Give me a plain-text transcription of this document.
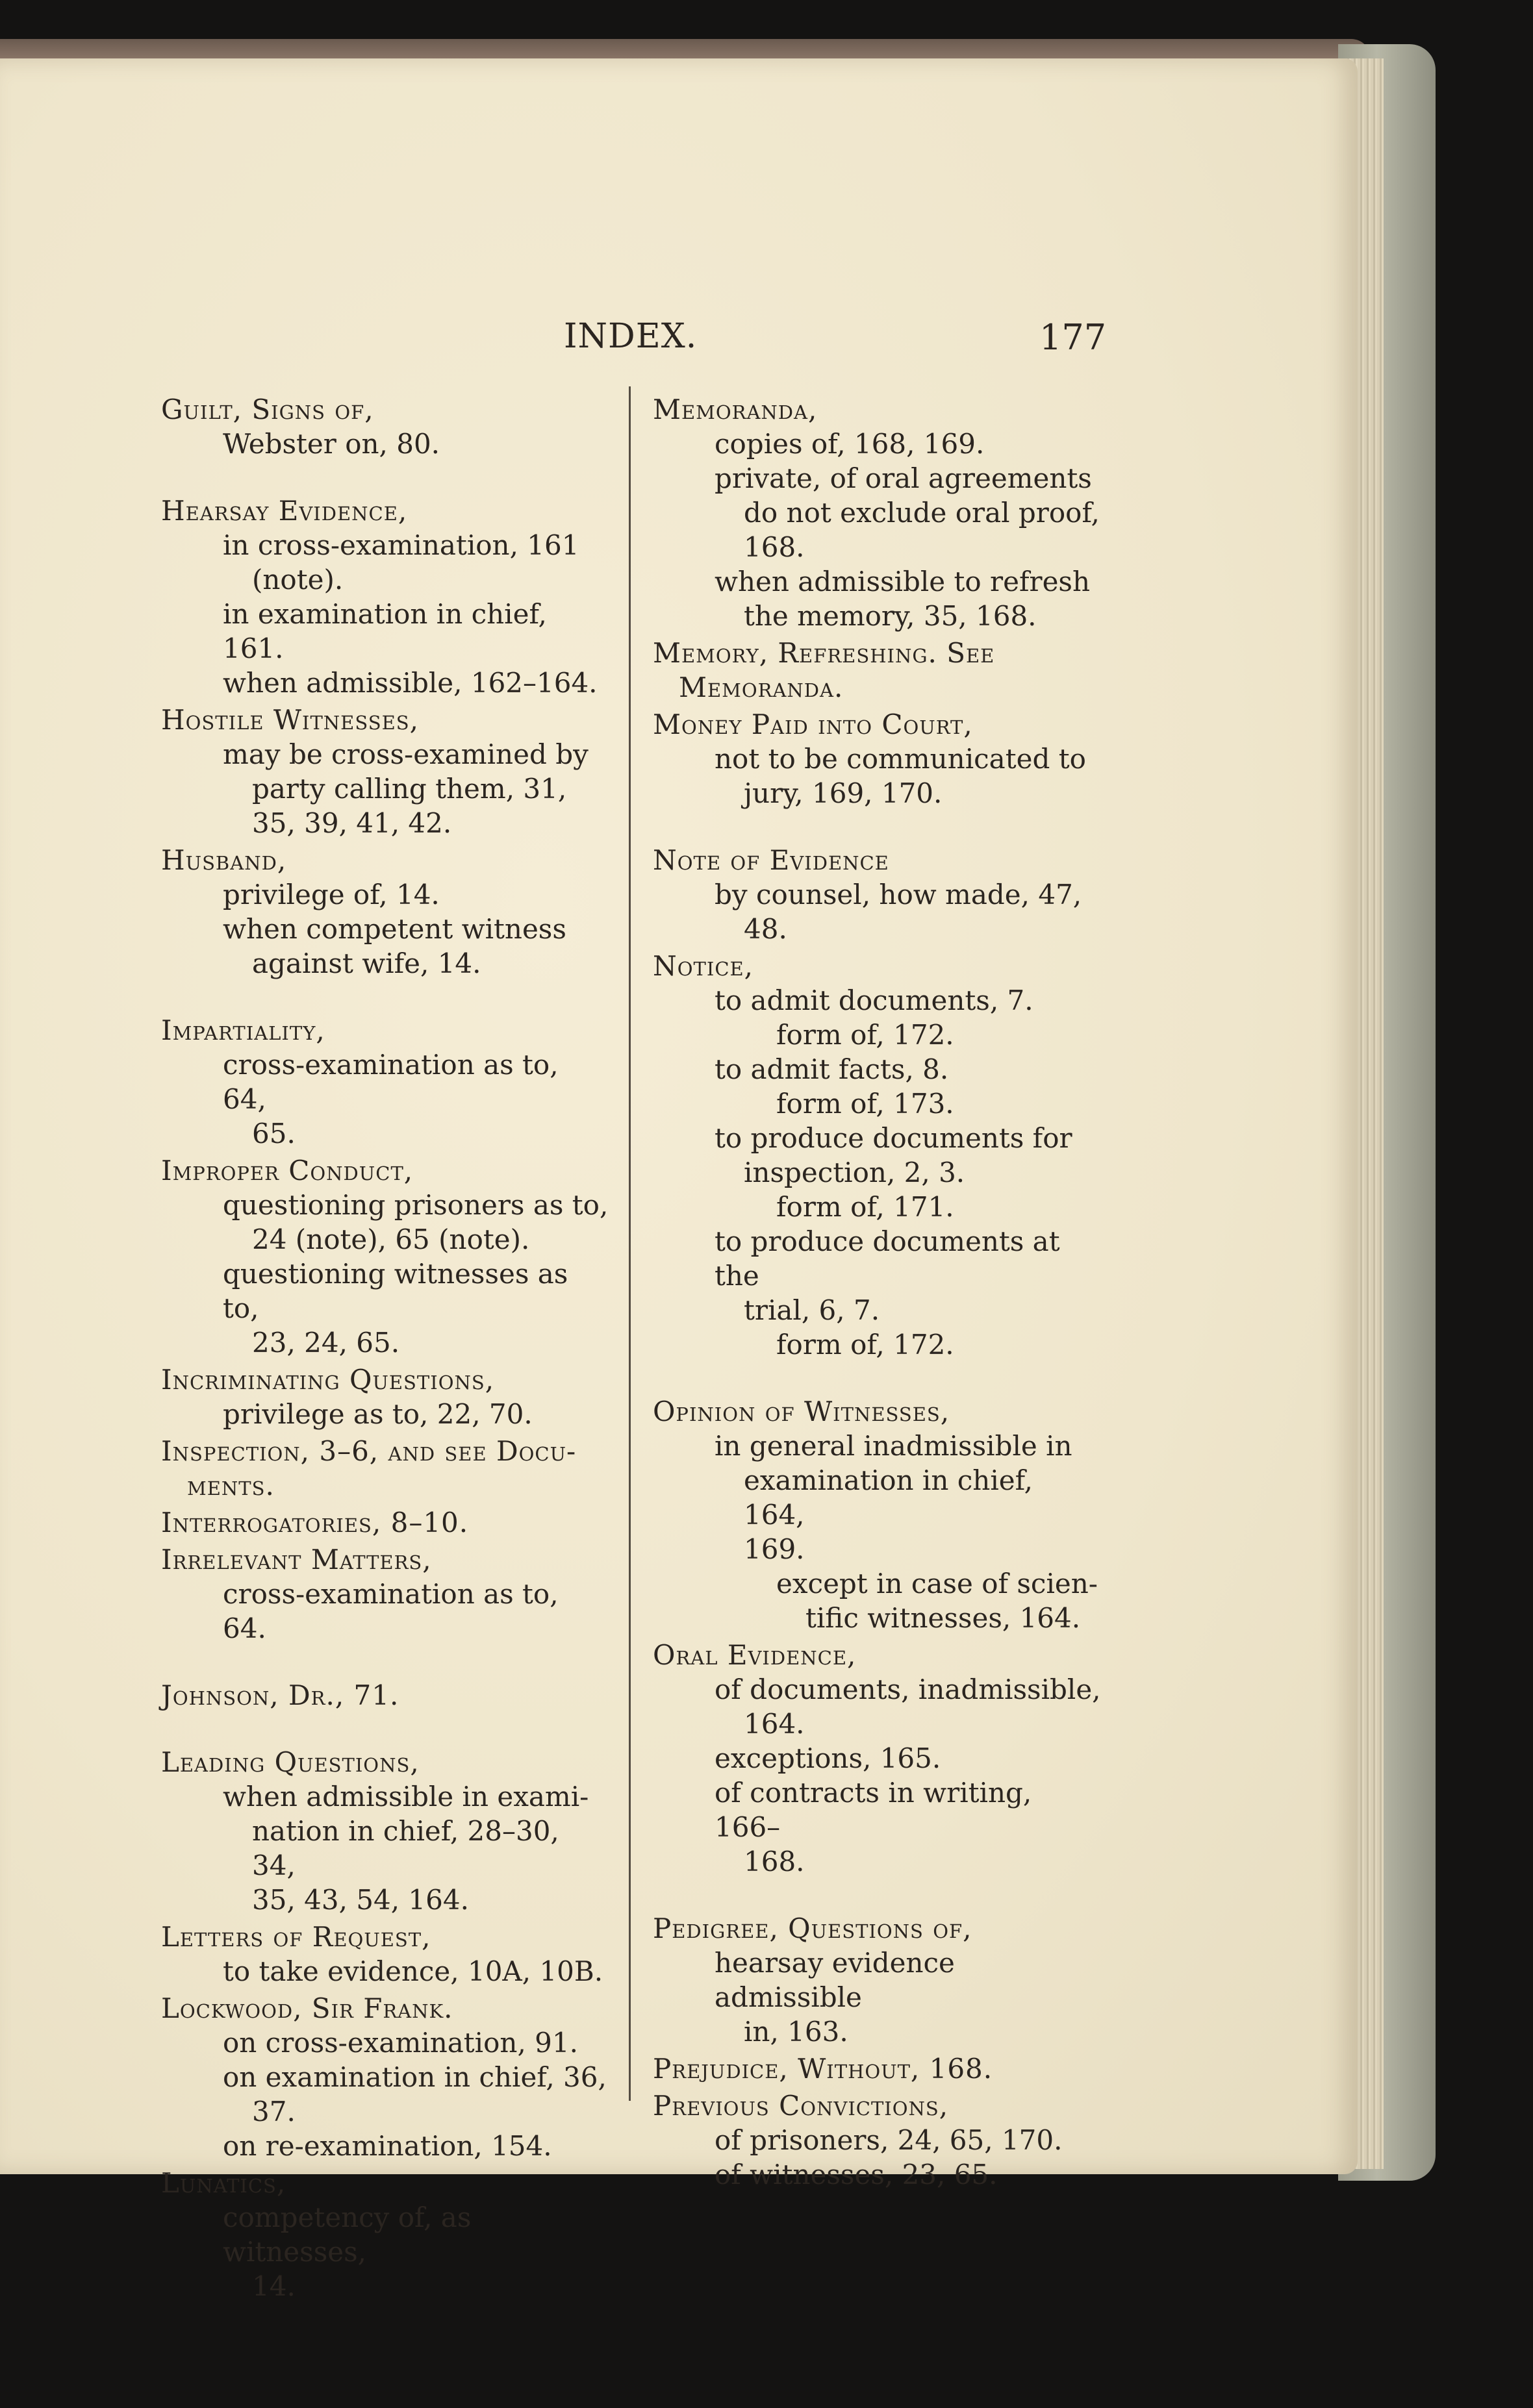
INDEX.	177
Guilt, Signs of,
Webster on, 80.
Hearsay Evidence,
in cross-examination, 161
(note).
in examination in chief, 161.
when admissible, 162–164.
Hostile Witnesses,
may be cross-examined by
party calling them, 31,
35, 39, 41, 42.
Husband,
privilege of, 14.
when competent witness
against wife, 14.
Impartiality,
cross-examination as to, 64,
65.
Improper Conduct,
questioning prisoners as to,
24 (note), 65 (note).
questioning witnesses as to,
23, 24, 65.
Incriminating Questions,
privilege as to, 22, 70.
Inspection, 3–6, and see Docu-
ments.
Interrogatories, 8–10.
Irrelevant Matters,
cross-examination as to, 64.
Johnson, Dr., 71.
Leading Questions,
when admissible in exami-
nation in chief, 28–30, 34,
35, 43, 54, 164.
Letters of Request,
to take evidence, 10A, 10B.
Lockwood, Sir Frank.
on cross-examination, 91.
on examination in chief, 36,
37.
on re-examination, 154.
Lunatics,
competency of, as witnesses,
14.
Memoranda,
copies of, 168, 169.
private, of oral agreements
do not exclude oral proof,
168.
when admissible to refresh
the memory, 35, 168.
Memory, Refreshing. See
Memoranda.
Money Paid into Court,
not to be communicated to
jury, 169, 170.
Note of Evidence
by counsel, how made, 47,
48.
Notice,
to admit documents, 7.
form of, 172.
to admit facts, 8.
form of, 173.
to produce documents for
inspection, 2, 3.
form of, 171.
to produce documents at the
trial, 6, 7.
form of, 172.
Opinion of Witnesses,
in general inadmissible in
examination in chief, 164,
169.
except in case of scien-
tific witnesses, 164.
Oral Evidence,
of documents, inadmissible,
164.
exceptions, 165.
of contracts in writing, 166–
168.
Pedigree, Questions of,
hearsay evidence admissible
in, 163.
Prejudice, Without, 168.
Previous Convictions,
of prisoners, 24, 65, 170.
of witnesses, 23, 65.
